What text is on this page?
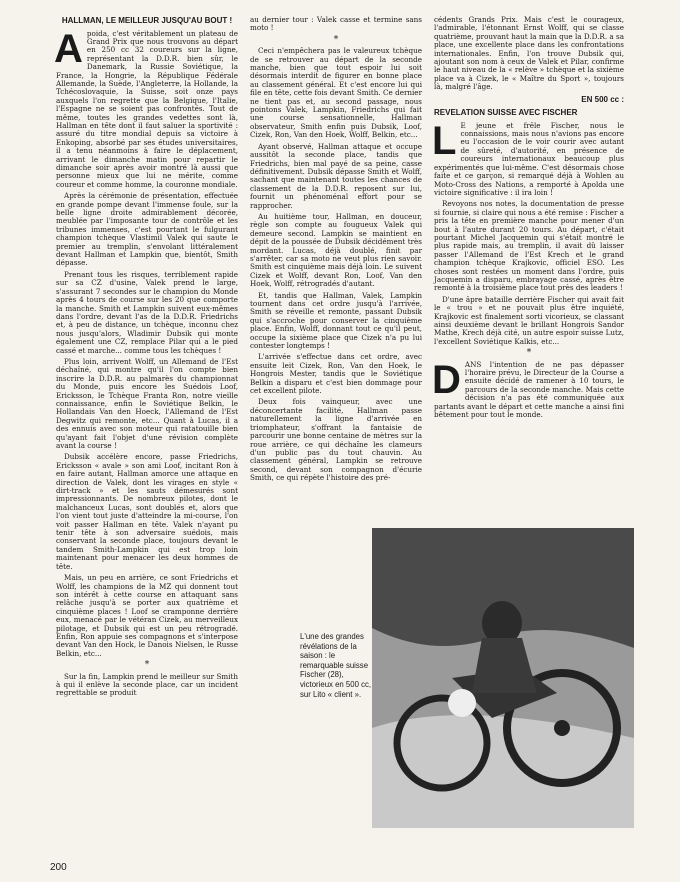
HALLMAN, LE MEILLEUR JUSQU'AU BOUT !

Apoida, c'est véritablement un plateau de Grand Prix que nous trouvons au départ en 250 cc 32 coureurs sur la ligne, représentant la D.D.R. bien sûr, le Danemark, la Russie Soviétique, la France, la Hongrie, la République Fédérale Allemande, la Suède, l'Angleterre, la Hollande, la Tchécoslovaquie, la Suisse, soit onze pays auxquels l'on regrette que la Belgique, l'Italie, l'Espagne ne se soient pas confrontés. Tout de même, toutes les grandes vedettes sont là, Hallman en tête dont il faut saluer la sportivité : assuré du titre mondial depuis sa victoire à Enkoping, absorbé par ses études universitaires, il a tenu néanmoins à faire le déplacement, arrivant le dimanche matin pour repartir le dimanche soir après avoir montré là aussi que personne mieux que lui ne mérite, comme coureur et comme homme, la couronne mondiale.

Après la cérémonie de présentation, effectuée en grande pompe devant l'immense foule, sur la belle ligne droite admirablement décorée, meublée par l'imposante tour de contrôle et les tribunes immenses, c'est pourtant le fulgurant champion tchèque Vlastimil Valek qui saute le premier au tremplin, s'envolant littéralement devant Hallman et Lampkin que, bientôt, Smith dépasse.

Prenant tous les risques, terriblement rapide sur sa CZ d'usine, Valek prend le large, s'assurant 7 secondes sur le champion du Monde après 4 tours de course sur les 20 que comporte la manche. Smith et Lampkin suivent eux-mêmes dans l'ordre, devant l'as de la D.D.R. Friedrichs et, à peu de distance, un tchèque, inconnu chez nous jusqu'alors, Wladimir Dubsik qui monte également une CZ, remplace Pilar qui a le pied cassé et marche... comme tous les tchèques !

Plus loin, arrivent Wolff, un Allemand de l'Est déchaîné, qui montre qu'il l'on compte bien inscrire la D.D.R. au palmarès du championnat du Monde, puis encore les Suédois Loof, Ericksson, le Tchèque Franta Ron, notre vieille connaissance, enfin le Soviétique Belkin, le Hollandais Van den Hoeck, l'Allemand de l'Est Degwitz qui remonte, etc... Quant à Lucas, il a des ennuis avec son moteur qui ratatouille bien qu'ayant fait l'objet d'une révision complète avant la course !

Dubsik accélère encore, passe Friedrichs, Ericksson « avale » son ami Loof, incitant Ron à en faire autant, Hallman amorce une attaque en direction de Valek, dont les virages en style « dirt-track » et les sauts démesurés sont impressionnants. De nombreux pilotes, dont le malchanceux Lucas, sont doublés et, alors que l'on vient tout juste d'atteindre la mi-course, l'on voit passer Hallman en tête. Valek n'ayant pu tenir tête à son adversaire suédois, mais conservant la seconde place, toujours devant le tandem Smith-Lampkin qui est trop loin maintenant pour menacer les deux hommes de tête.

Mais, un peu en arrière, ce sont Friedrichs et Wolff, les champions de la MZ qui donnent tout son intérêt à cette course en attaquant sans relâche jusqu'à se porter aux quatrième et cinquième places ! Loof se cramponne derrière eux, menacé par le vétéran Cizek, au merveilleux pilotage, et Dubsik qui est un peu rétrogradé. Enfin, Ron appuie ses compagnons et s'interpose devant Van den Hock, le Danois Nielsen, le Russe Belkin, etc...

*

Sur la fin, Lampkin prend le meilleur sur Smith à qui il enlève la seconde place, car un incident regrettable se produit

au dernier tour : Valek casse et termine sans moto !

*

Ceci n'empêchera pas le valeureux tchèque de se retrouver au départ de la seconde manche, bien que tout espoir lui soit désormais interdit de figurer en bonne place au classement général. Et c'est encore lui qui file en tête, cette fois devant Smith. Ce dernier ne tient pas et, au second passage, nous pointons Valek, Lampkin, Friedrichs qui fait une course sensationnelle, Hallman observateur, Smith enfin puis Dubsik, Loof, Cizek, Ron, Van den Hoek, Wolff, Belkin, etc...

Ayant observé, Hallman attaque et occupe aussitôt la seconde place, tandis que Friedrichs, bien mal payé de sa peine, casse définitivement. Dubsik dépasse Smith et Wolff, sachant que maintenant toutes les chances de classement de la D.D.R. reposent sur lui, fournit un phénoménal effort pour se rapprocher.

Au huitième tour, Hallman, en douceur, règle son compte au fougueux Valek qui demeure second. Lampkin se maintient en dépit de la poussée de Dubsik décidément très mordant. Lucas, déjà doublé, finit par s'arrêter, car sa moto ne veut plus rien savoir. Smith est cinquième mais déjà loin. Le suivent Cizek et Wolff, devant Ron, Loof, Van den Hoek, Wolff, rétrogradés d'autant.

Et, tandis que Hallman, Valek, Lampkin tournent dans cet ordre jusqu'à l'arrivée, Smith se réveille et remonte, passant Dubsik qui s'accroche pour conserver la cinquième place. Enfin, Wolff, donnant tout ce qu'il peut, occupe la sixième place que Cizek n'a pu lui contester longtemps !

L'arrivée s'effectue dans cet ordre, avec ensuite leit Cizek, Ron, Van den Hoek, le Hongrois Mester, tandis que le Soviétique Belkin a disparu et c'est bien dommage pour cet excellent pilote.

Deux fois vainqueur, avec une déconcertante facilité, Hallman passe naturellement la ligne d'arrivée en triomphateur, s'offrant la fantaisie de parcourir une bonne centaine de mètres sur la roue arrière, ce qui déchaîne les clameurs d'un public pas du tout chauvin. Au classement général, Lampkin se retrouve second, devant son compagnon d'écurie Smith, ce qui répète l'histoire des pré-

cédents Grands Prix. Mais c'est le courageux, l'admirable, l'étonnant Ernst Wolff, qui se classe quatrième, prouvant haut la main que la D.D.R. a sa place, une excellente place dans les confrontations internationales. Enfin, l'on trouve Dubsik qui, ajoutant son nom à ceux de Valek et Pilar, confirme le haut niveau de la « relève » tchèque et la sixième place va à Cizek, le « Maître du Sport », toujours là, malgré l'âge.

EN 500 cc :
REVELATION SUISSE AVEC FISCHER

L E jeune et frêle Fischer, nous le connaissions, mais nous n'avions pas encore eu l'occasion de le voir courir avec autant de sûreté, d'autorité, en présence de coureurs internationaux beaucoup plus expérimentés que lui-même. C'est désormais chose faite et ce garçon, si remarqué déjà à Wohlen au Moto-Cross des Nations, a remporté à Apolda une victoire significative : il ira loin !

Revoyons nos notes, la documentation de presse si fournie, si claire qui nous a été remise : Fischer a pris la tête en première manche pour mener d'un bout à l'autre durant 20 tours. Au départ, c'était pourtant Michel Jacquemin qui s'était montré le plus rapide mais, au tremplin, il avait dû laisser passer l'Allemand de l'Est Krech et le grand champion tchèque Krajkovic, officiel ESO. Les choses sont restées un moment dans l'ordre, puis Jacquemin a disparu, embrayage cassé, après être remonté à la troisième place tout près des leaders !

D'une âpre bataille derrière Fischer qui avait fait le « trou » et ne pouvait plus être inquiété, Krajkovic est finalement sorti vicorieux, se classant ainsi deuxième devant le brillant Hongrois Sandor Mathe, Krech déjà cité, un autre espoir suisse Lutz, l'excellent Soviétique Kalkis, etc...

*

DANS l'intention de ne pas dépasser l'horaire prévu, le Directeur de la Course a ensuite décidé de ramener à 10 tours, le parcours de la seconde manche. Mais cette décision n'a pas été communiquée aux partants avant le départ et cette manche a ainsi fini bêtement pour tout le monde.

L'une des grandes révélations de la saison : le remarquable suisse Fischer (28), victorieux en 500 cc, sur Lito « client ».
200
